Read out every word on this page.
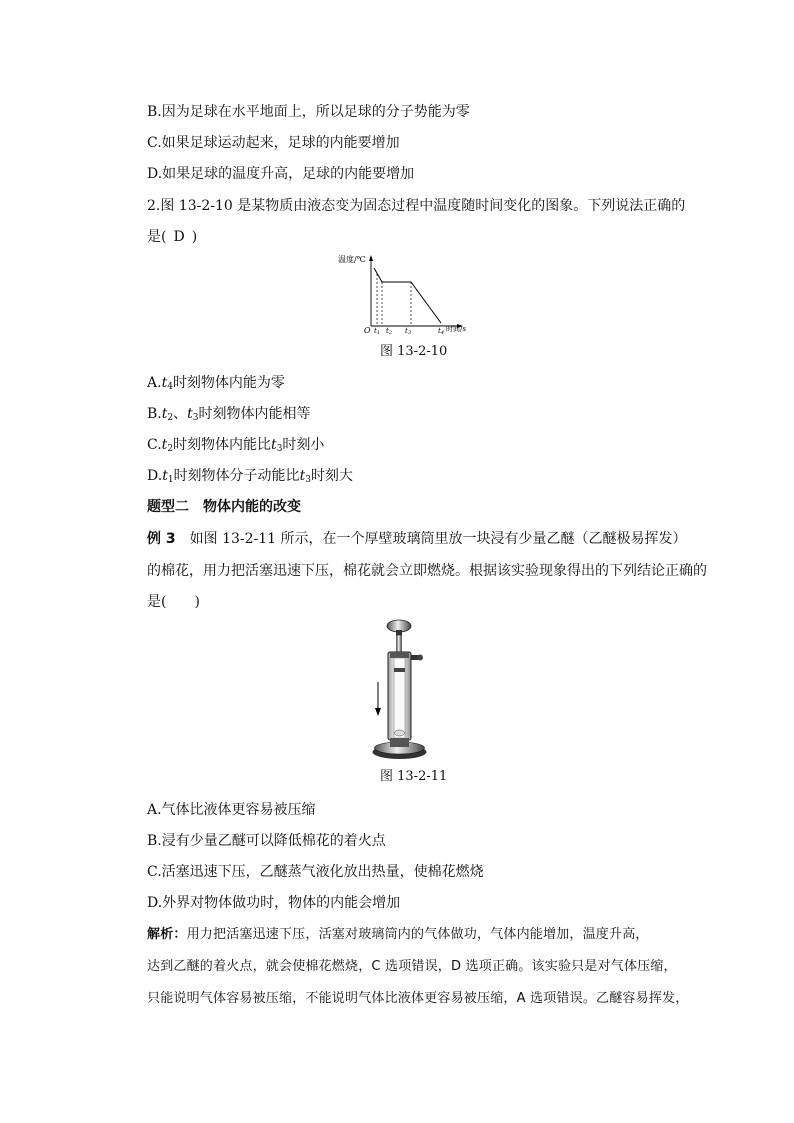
B.因为足球在水平地面上，所以足球的分子势能为零
C.如果足球运动起来，足球的内能要增加
D.如果足球的温度升高，足球的内能要增加
2.图 13-2-10 是某物质由液态变为固态过程中温度随时间变化的图象。下列说法正确的
是(  D  )
温度/℃
O t1 t2 t3	t4 时间/s
图 13-2-10
$A.t_4$时刻物体内能为零
$B.t_2$、$t_3$时刻物体内能相等
$C.t_2$时刻物体内能比$t_3$时刻小
$D.t_1$时刻物体分子动能比$t_3$时刻大
题型二　物体内能的改变
例 3  如图 13-2-11 所示，在一个厚壁玻璃筒里放一块浸有少量乙醚（乙醚极易挥发）
的棉花，用力把活塞迅速下压，棉花就会立即燃烧。根据该实验现象得出的下列结论正确的
是(　　)
图 13-2-11
A.气体比液体更容易被压缩
B.浸有少量乙醚可以降低棉花的着火点
C.活塞迅速下压，乙醚蒸气液化放出热量，使棉花燃烧
D.外界对物体做功时，物体的内能会增加
解析：用力把活塞迅速下压，活塞对玻璃筒内的气体做功，气体内能增加，温度升高，
达到乙醚的着火点，就会使棉花燃烧，C 选项错误，D 选项正确。该实验只是对气体压缩，
只能说明气体容易被压缩，不能说明气体比液体更容易被压缩，A 选项错误。乙醚容易挥发，
